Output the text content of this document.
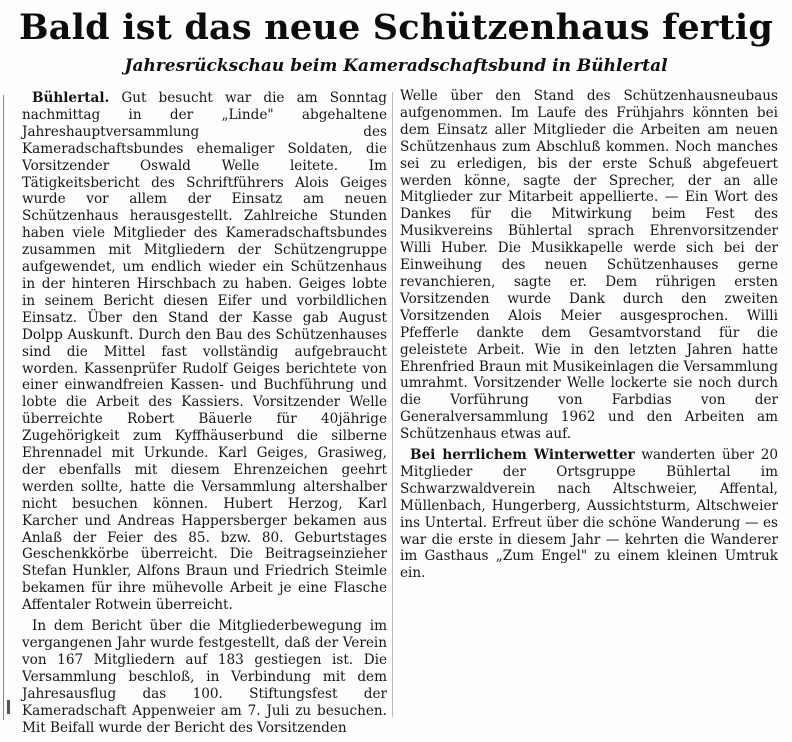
Bald ist das neue Schützenhaus fertig
Jahresrückschau beim Kameradschaftsbund in Bühlertal

Bühlertal. Gut besucht war die am Sonntag nachmittag in der „Linde" abgehaltene Jahreshauptversammlung des Kameradschaftsbundes ehemaliger Soldaten, die Vorsitzender Oswald Welle leitete. Im Tätigkeitsbericht des Schriftführers Alois Geiges wurde vor allem der Einsatz am neuen Schützenhaus herausgestellt. Zahlreiche Stunden haben viele Mitglieder des Kameradschaftsbundes zusammen mit Mitgliedern der Schützengruppe aufgewendet, um endlich wieder ein Schützenhaus in der hinteren Hirschbach zu haben. Geiges lobte in seinem Bericht diesen Eifer und vorbildlichen Einsatz. Über den Stand der Kasse gab August Dolpp Auskunft. Durch den Bau des Schützenhauses sind die Mittel fast vollständig aufgebraucht worden. Kassenprüfer Rudolf Geiges berichtete von einer einwandfreien Kassen- und Buchführung und lobte die Arbeit des Kassiers. Vorsitzender Welle überreichte Robert Bäuerle für 40jährige Zugehörigkeit zum Kyffhäuserbund die silberne Ehrennadel mit Urkunde. Karl Geiges, Grasiweg, der ebenfalls mit diesem Ehrenzeichen geehrt werden sollte, hatte die Versammlung altershalber nicht besuchen können. Hubert Herzog, Karl Karcher und Andreas Happersberger bekamen aus Anlaß der Feier des 85. bzw. 80. Geburtstages Geschenkkörbe überreicht. Die Beitragseinzieher Stefan Hunkler, Alfons Braun und Friedrich Steimle bekamen für ihre mühevolle Arbeit je eine Flasche Affentaler Rotwein überreicht.

In dem Bericht über die Mitgliederbewegung im vergangenen Jahr wurde festgestellt, daß der Verein von 167 Mitgliedern auf 183 gestiegen ist. Die Versammlung beschloß, in Verbindung mit dem Jahresausflug das 100. Stiftungsfest der Kameradschaft Appenweier am 7. Juli zu besuchen. Mit Beifall wurde der Bericht des Vorsitzenden

Welle über den Stand des Schützenhausneubaus aufgenommen. Im Laufe des Frühjahrs könnten bei dem Einsatz aller Mitglieder die Arbeiten am neuen Schützenhaus zum Abschluß kommen. Noch manches sei zu erledigen, bis der erste Schuß abgefeuert werden könne, sagte der Sprecher, der an alle Mitglieder zur Mitarbeit appellierte. — Ein Wort des Dankes für die Mitwirkung beim Fest des Musikvereins Bühlertal sprach Ehrenvorsitzender Willi Huber. Die Musikkapelle werde sich bei der Einweihung des neuen Schützenhauses gerne revanchieren, sagte er. Dem rührigen ersten Vorsitzenden wurde Dank durch den zweiten Vorsitzenden Alois Meier ausgesprochen. Willi Pfefferle dankte dem Gesamtvorstand für die geleistete Arbeit. Wie in den letzten Jahren hatte Ehrenfried Braun mit Musikeinlagen die Versammlung umrahmt. Vorsitzender Welle lockerte sie noch durch die Vorführung von Farbdias von der Generalversammlung 1962 und den Arbeiten am Schützenhaus etwas auf.

Bei herrlichem Winterwetter wanderten über 20 Mitglieder der Ortsgruppe Bühlertal im Schwarzwaldverein nach Altschweier, Affental, Müllenbach, Hungerberg, Aussichtsturm, Altschweier ins Untertal. Erfreut über die schöne Wanderung — es war die erste in diesem Jahr — kehrten die Wanderer im Gasthaus „Zum Engel" zu einem kleinen Umtruk ein.
